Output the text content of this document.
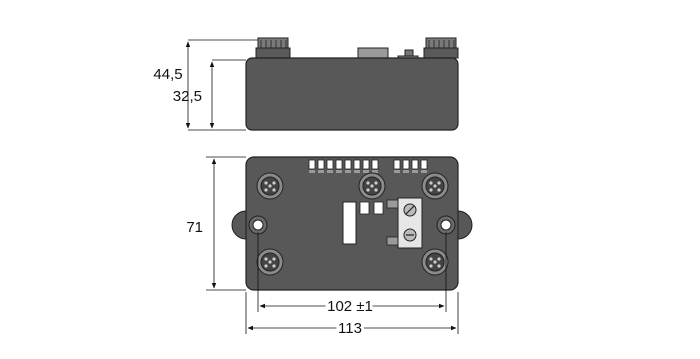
44,5
32,5
71
102 ±1
113
